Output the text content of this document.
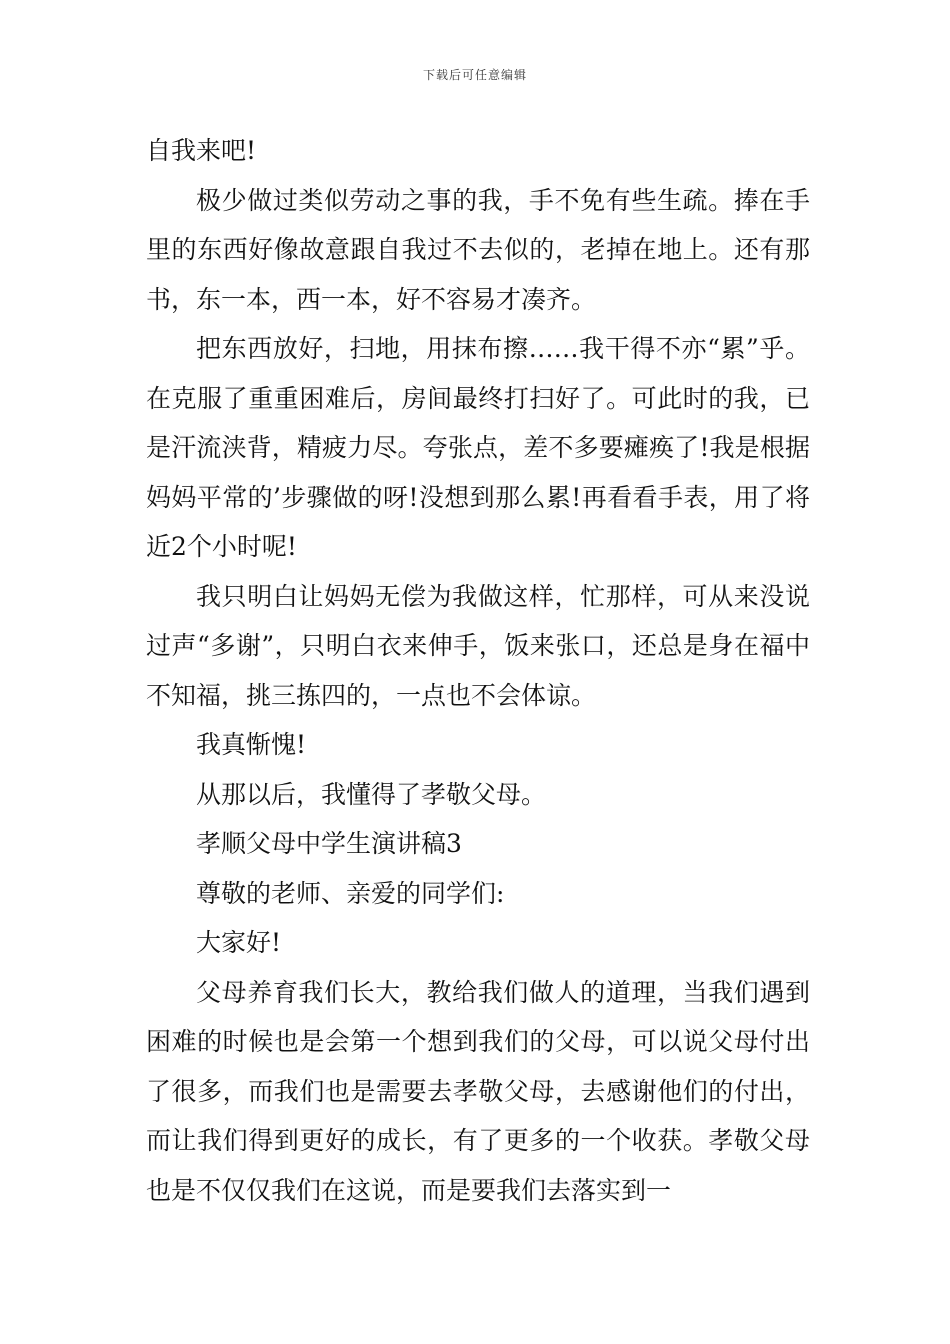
下载后可任意编辑

自我来吧!

极少做过类似劳动之事的我，手不免有些生疏。捧在手里的东西好像故意跟自我过不去似的，老掉在地上。还有那书，东一本，西一本，好不容易才凑齐。

把东西放好，扫地，用抹布擦……我干得不亦“累”乎。在克服了重重困难后，房间最终打扫好了。可此时的我，已是汗流浃背，精疲力尽。夸张点，差不多要瘫痪了!我是根据妈妈平常的’步骤做的呀!没想到那么累!再看看手表，用了将近2个小时呢!

我只明白让妈妈无偿为我做这样，忙那样，可从来没说过声“多谢”，只明白衣来伸手，饭来张口，还总是身在福中不知福，挑三拣四的，一点也不会体谅。

我真惭愧!

从那以后，我懂得了孝敬父母。

孝顺父母中学生演讲稿3

尊敬的老师、亲爱的同学们:

大家好!

父母养育我们长大，教给我们做人的道理，当我们遇到困难的时候也是会第一个想到我们的父母，可以说父母付出了很多，而我们也是需要去孝敬父母，去感谢他们的付出，而让我们得到更好的成长，有了更多的一个收获。孝敬父母也是不仅仅我们在这说，而是要我们去落实到一
